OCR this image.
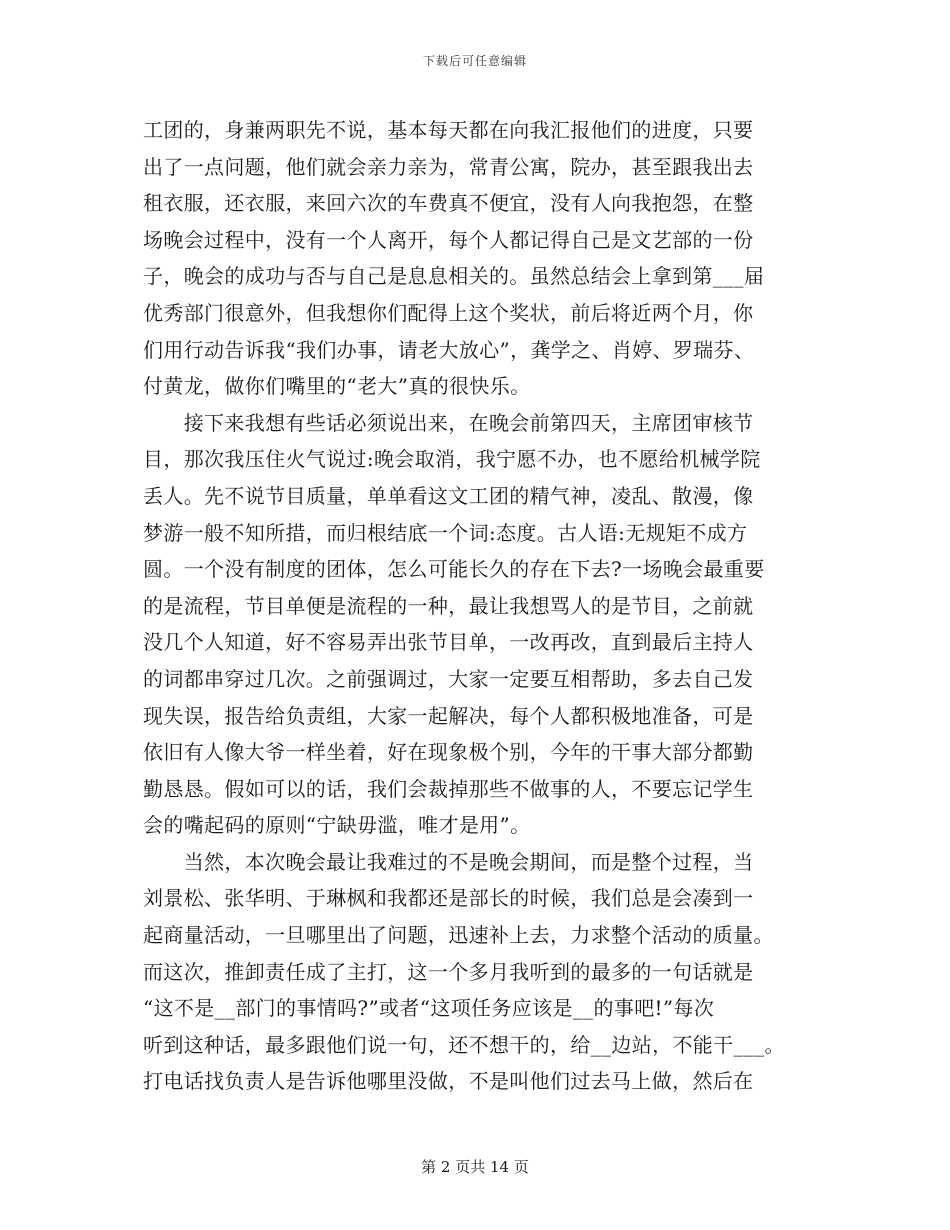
下载后可任意编辑
工团的，身兼两职先不说，基本每天都在向我汇报他们的进度，只要
出了一点问题，他们就会亲力亲为，常青公寓，院办，甚至跟我出去
租衣服，还衣服，来回六次的车费真不便宜，没有人向我抱怨，在整
场晚会过程中，没有一个人离开，每个人都记得自己是文艺部的一份
子，晚会的成功与否与自己是息息相关的。虽然总结会上拿到第___届
优秀部门很意外，但我想你们配得上这个奖状，前后将近两个月，你
们用行动告诉我“我们办事，请老大放心”，龚学之、肖婷、罗瑞芬、
付黄龙，做你们嘴里的“老大”真的很快乐。
　　接下来我想有些话必须说出来，在晚会前第四天，主席团审核节
目，那次我压住火气说过:晚会取消，我宁愿不办，也不愿给机械学院
丢人。先不说节目质量，单单看这文工团的精气神，凌乱、散漫，像
梦游一般不知所措，而归根结底一个词:态度。古人语:无规矩不成方
圆。一个没有制度的团体，怎么可能长久的存在下去?一场晚会最重要
的是流程，节目单便是流程的一种，最让我想骂人的是节目，之前就
没几个人知道，好不容易弄出张节目单，一改再改，直到最后主持人
的词都串穿过几次。之前强调过，大家一定要互相帮助，多去自己发
现失误，报告给负责组，大家一起解决，每个人都积极地准备，可是
依旧有人像大爷一样坐着，好在现象极个别，今年的干事大部分都勤
勤恳恳。假如可以的话，我们会裁掉那些不做事的人，不要忘记学生
会的嘴起码的原则“宁缺毋滥，唯才是用”。
　　当然，本次晚会最让我难过的不是晚会期间，而是整个过程，当
刘景松、张华明、于琳枫和我都还是部长的时候，我们总是会凑到一
起商量活动，一旦哪里出了问题，迅速补上去，力求整个活动的质量。
而这次，推卸责任成了主打，这一个多月我听到的最多的一句话就是
“这不是__部门的事情吗?”或者“这项任务应该是__的事吧!”每次
听到这种话，最多跟他们说一句，还不想干的，给__边站，不能干___。
打电话找负责人是告诉他哪里没做，不是叫他们过去马上做，然后在
第 2 页共 14 页
